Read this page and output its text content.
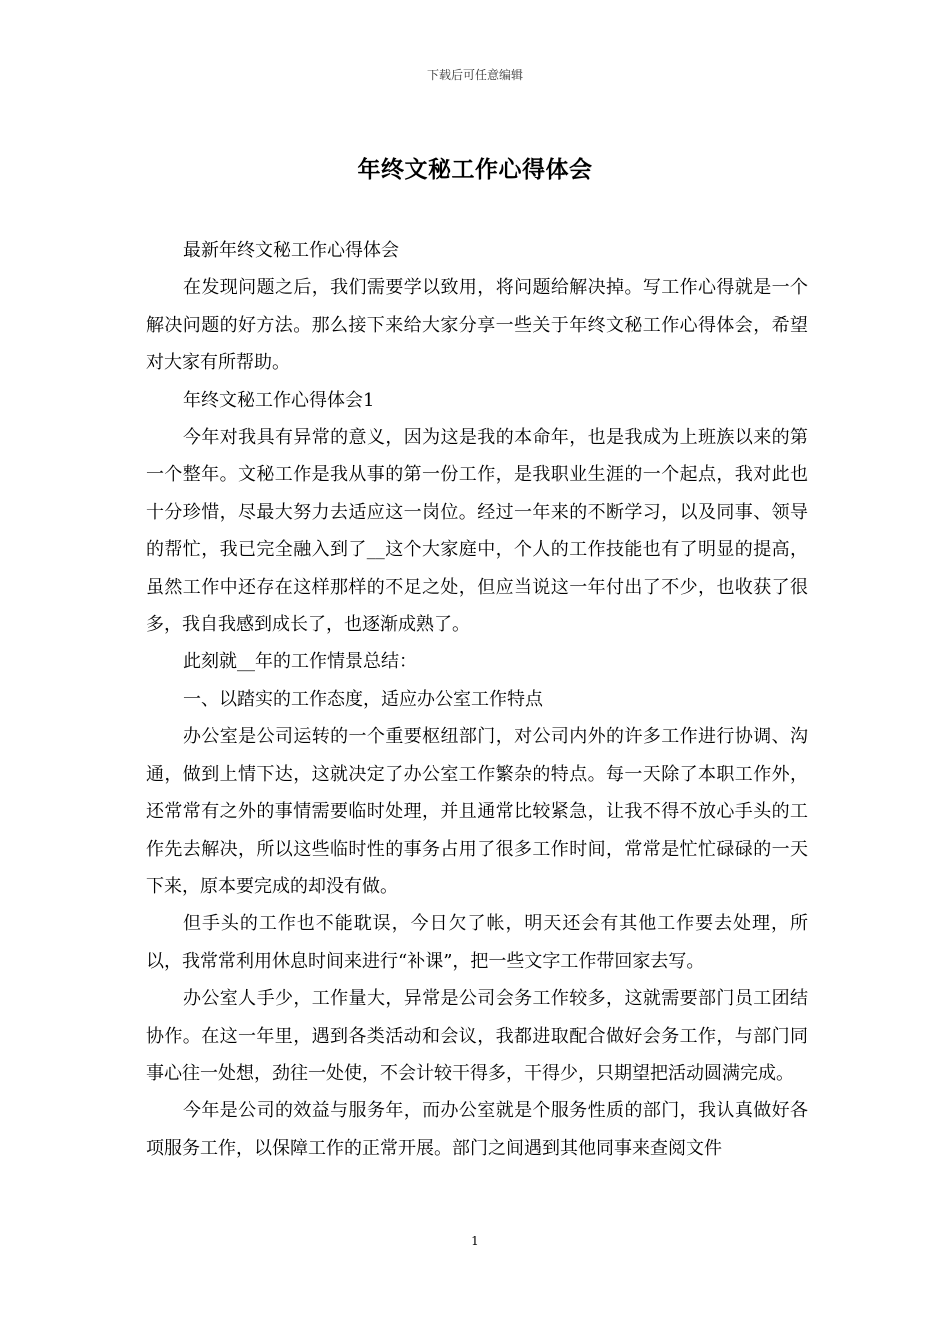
下载后可任意编辑
年终文秘工作心得体会

最新年终文秘工作心得体会

在发现问题之后，我们需要学以致用，将问题给解决掉。写工作心得就是一个解决问题的好方法。那么接下来给大家分享一些关于年终文秘工作心得体会，希望对大家有所帮助。

年终文秘工作心得体会1

今年对我具有异常的意义，因为这是我的本命年，也是我成为上班族以来的第一个整年。文秘工作是我从事的第一份工作，是我职业生涯的一个起点，我对此也十分珍惜，尽最大努力去适应这一岗位。经过一年来的不断学习，以及同事、领导的帮忙，我已完全融入到了__这个大家庭中，个人的工作技能也有了明显的提高，虽然工作中还存在这样那样的不足之处，但应当说这一年付出了不少，也收获了很多，我自我感到成长了，也逐渐成熟了。

此刻就__年的工作情景总结：

一、以踏实的工作态度，适应办公室工作特点

办公室是公司运转的一个重要枢纽部门，对公司内外的许多工作进行协调、沟通，做到上情下达，这就决定了办公室工作繁杂的特点。每一天除了本职工作外，还常常有之外的事情需要临时处理，并且通常比较紧急，让我不得不放心手头的工作先去解决，所以这些临时性的事务占用了很多工作时间，常常是忙忙碌碌的一天下来，原本要完成的却没有做。

但手头的工作也不能耽误，今日欠了帐，明天还会有其他工作要去处理，所以，我常常利用休息时间来进行“补课”，把一些文字工作带回家去写。

办公室人手少，工作量大，异常是公司会务工作较多，这就需要部门员工团结协作。在这一年里，遇到各类活动和会议，我都进取配合做好会务工作，与部门同事心往一处想，劲往一处使，不会计较干得多，干得少，只期望把活动圆满完成。

今年是公司的效益与服务年，而办公室就是个服务性质的部门，我认真做好各项服务工作，以保障工作的正常开展。部门之间遇到其他同事来查阅文件

1
